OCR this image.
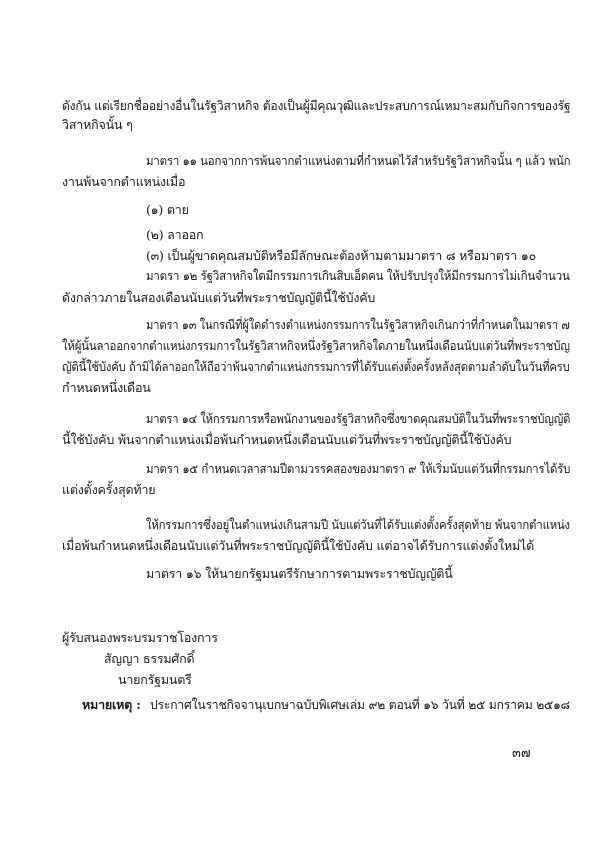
ดังกัน แต่เรียกชื่ออย่างอื่นในรัฐวิสาหกิจ ต้องเป็นผู้มีคุณวุฒิและประสบการณ์เหมาะสมกับกิจการของรัฐ
วิสาหกิจนั้น ๆ
มาตรา ๑๑ นอกจากการพ้นจากตำแหน่งตามที่กำหนดไว้สำหรับรัฐวิสาหกิจนั้น ๆ แล้ว พนัก
งานพ้นจากตำแหน่งเมื่อ
(๑) ตาย
(๒) ลาออก
(๓) เป็นผู้ขาดคุณสมบัติหรือมีลักษณะต้องห้ามตามมาตรา ๘ หรือมาตรา ๑๐
มาตรา ๑๒ รัฐวิสาหกิจใดมีกรรมการเกินสิบเอ็ดคน ให้ปรับปรุงให้มีกรรมการไม่เกินจำนวน
ดังกล่าวภายในสองเดือนนับแต่วันที่พระราชบัญญัตินี้ใช้บังคับ
มาตรา ๑๓ ในกรณีที่ผู้ใดดำรงตำแหน่งกรรมการในรัฐวิสาหกิจเกินกว่าที่กำหนดในมาตรา ๗
ให้ผู้นั้นลาออกจากตำแหน่งกรรมการในรัฐวิสาหกิจหนึ่งรัฐวิสาหกิจใดภายในหนึ่งเดือนนับแต่วันที่พระราชบัญ
ญัตินี้ใช้บังคับ ถ้ามิได้ลาออกให้ถือว่าพ้นจากตำแหน่งกรรมการที่ได้รับแต่งตั้งครั้งหลังสุดตามลำดับในวันที่ครบ
กำหนดหนึ่งเดือน
มาตรา ๑๔ ให้กรรมการหรือพนักงานของรัฐวิสาหกิจซึ่งขาดคุณสมบัติในวันที่พระราชบัญญัติ
นี้ใช้บังคับ พ้นจากตำแหน่งเมื่อพ้นกำหนดหนึ่งเดือนนับแต่วันที่พระราชบัญญัตินี้ใช้บังคับ
มาตรา ๑๕ กำหนดเวลาสามปีตามวรรคสองของมาตรา ๙ ให้เริ่มนับแต่วันที่กรรมการได้รับ
แต่งตั้งครั้งสุดท้าย
ให้กรรมการซึ่งอยู่ในตำแหน่งเกินสามปี นับแต่วันที่ได้รับแต่งตั้งครั้งสุดท้าย พ้นจากตำแหน่ง
เมื่อพ้นกำหนดหนึ่งเดือนนับแต่วันที่พระราชบัญญัตินี้ใช้บังคับ แต่อาจได้รับการแต่งตั้งใหม่ได้
มาตรา ๑๖ ให้นายกรัฐมนตรีรักษาการตามพระราชบัญญัตินี้
ผู้รับสนองพระบรมราชโองการ
สัญญา ธรรมศักดิ์
นายกรัฐมนตรี
หมายเหตุ : ประกาศในราชกิจจานุเบกษาฉบับพิเศษเล่ม ๙๒ ตอนที่ ๑๖ วันที่ ๒๕ มกราคม ๒๕๑๘
๓๗
